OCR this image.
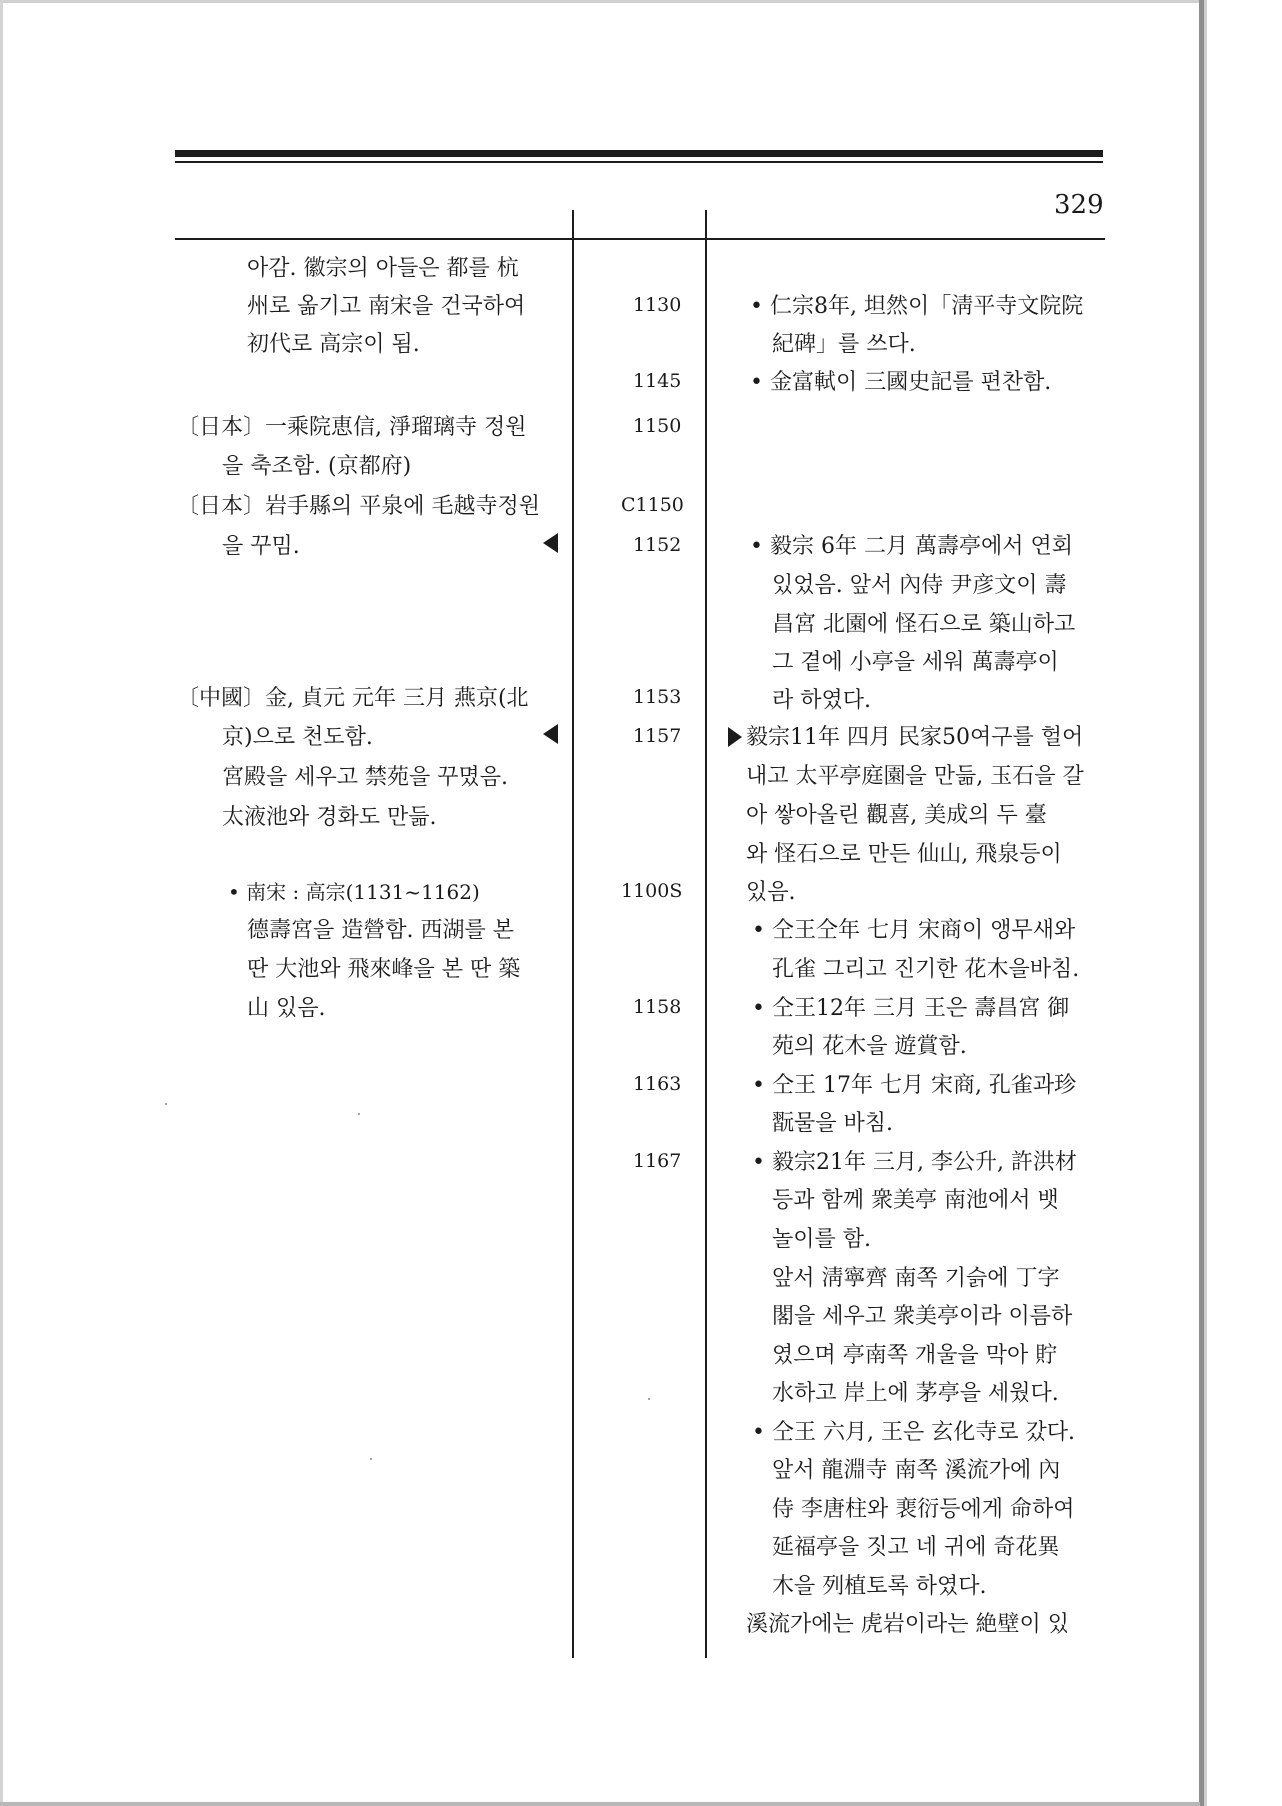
329
아감. 徽宗의 아들은 都를 杭
州로 옮기고 南宋을 건국하여
初代로 高宗이 됨.
〔日本〕一乘院恵信, 淨瑠璃寺 정원
을 축조함. (京都府)
〔日本〕岩手縣의 平泉에 毛越寺정원
을 꾸밈.
〔中國〕金, 貞元 元年 三月 燕京(北
京)으로 천도함.
宮殿을 세우고 禁苑을 꾸몄음.
太液池와 경화도 만듦.
• 南宋 : 高宗(1131~1162)
德壽宮을 造營함. 西湖를 본
딴 大池와 飛來峰을 본 딴 築
山 있음.
1130
1145
1150
C1150
1152
1153
1157
1100S
1158
1163
1167
• 仁宗8年, 坦然이「淸平寺文院院
紀碑」를 쓰다.
• 金富軾이 三國史記를 편찬함.
• 毅宗 6年 二月 萬壽亭에서 연회
있었음. 앞서 內侍 尹彦文이 壽
昌宮 北園에 怪石으로 築山하고
그 곁에 小亭을 세워 萬壽亭이
라 하였다.
毅宗11年 四月 民家50여구를 헐어
내고 太平亭庭園을 만듦, 玉石을 갈
아 쌓아올린 觀喜, 美成의 두 臺
와 怪石으로 만든 仙山, 飛泉등이
있음.
• 仝王仝年 七月 宋商이 앵무새와
孔雀 그리고 진기한 花木을바침.
• 仝王12年 三月 王은 壽昌宮 御
苑의 花木을 遊賞함.
• 仝王 17年 七月 宋商, 孔雀과珍
翫물을 바침.
• 毅宗21年 三月, 李公升, 許洪材
등과 함께 衆美亭 南池에서 뱃
놀이를 함.
앞서 淸寧齊 南쪽 기슭에 丁字
閣을 세우고 衆美亭이라 이름하
였으며 亭南쪽 개울을 막아 貯
水하고 岸上에 茅亭을 세웠다.
• 仝王 六月, 王은 玄化寺로 갔다.
앞서 龍淵寺 南쪽 溪流가에 內
侍 李唐柱와 裵衍등에게 命하여
延福亭을 짓고 네 귀에 奇花異
木을 列植토록 하였다.
溪流가에는 虎岩이라는 絶壁이 있
